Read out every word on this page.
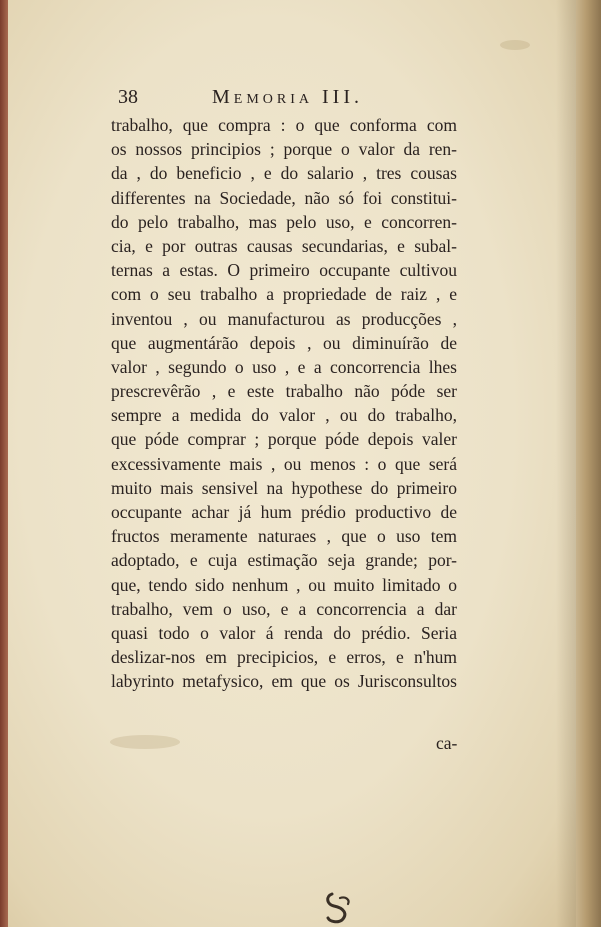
38	Memoria III.
trabalho, que compra : o que conforma com
os nossos principios ; porque o valor da ren-
da , do beneficio , e do salario , tres cousas
differentes na Sociedade, não só foi constitui-
do pelo trabalho, mas pelo uso, e concorren-
cia, e por outras causas secundarias, e subal-
ternas a estas. O primeiro occupante cultivou
com o seu trabalho a propriedade de raiz , e
inventou , ou manufacturou as producções ,
que augmentárão depois , ou diminuírão de
valor , segundo o uso , e a concorrencia lhes
prescrevêrão , e este trabalho não póde ser
sempre a medida do valor , ou do trabalho,
que póde comprar ; porque póde depois valer
excessivamente mais , ou menos : o que será
muito mais sensivel na hypothese do primeiro
occupante achar já hum prédio productivo de
fructos meramente naturaes , que o uso tem
adoptado, e cuja estimação seja grande; por-
que, tendo sido nenhum , ou muito limitado o
trabalho, vem o uso, e a concorrencia a dar
quasi todo o valor á renda do prédio. Seria
deslizar-nos em precipicios, e erros, e n'hum
labyrinto metafysico, em que os Jurisconsultos
ca-
